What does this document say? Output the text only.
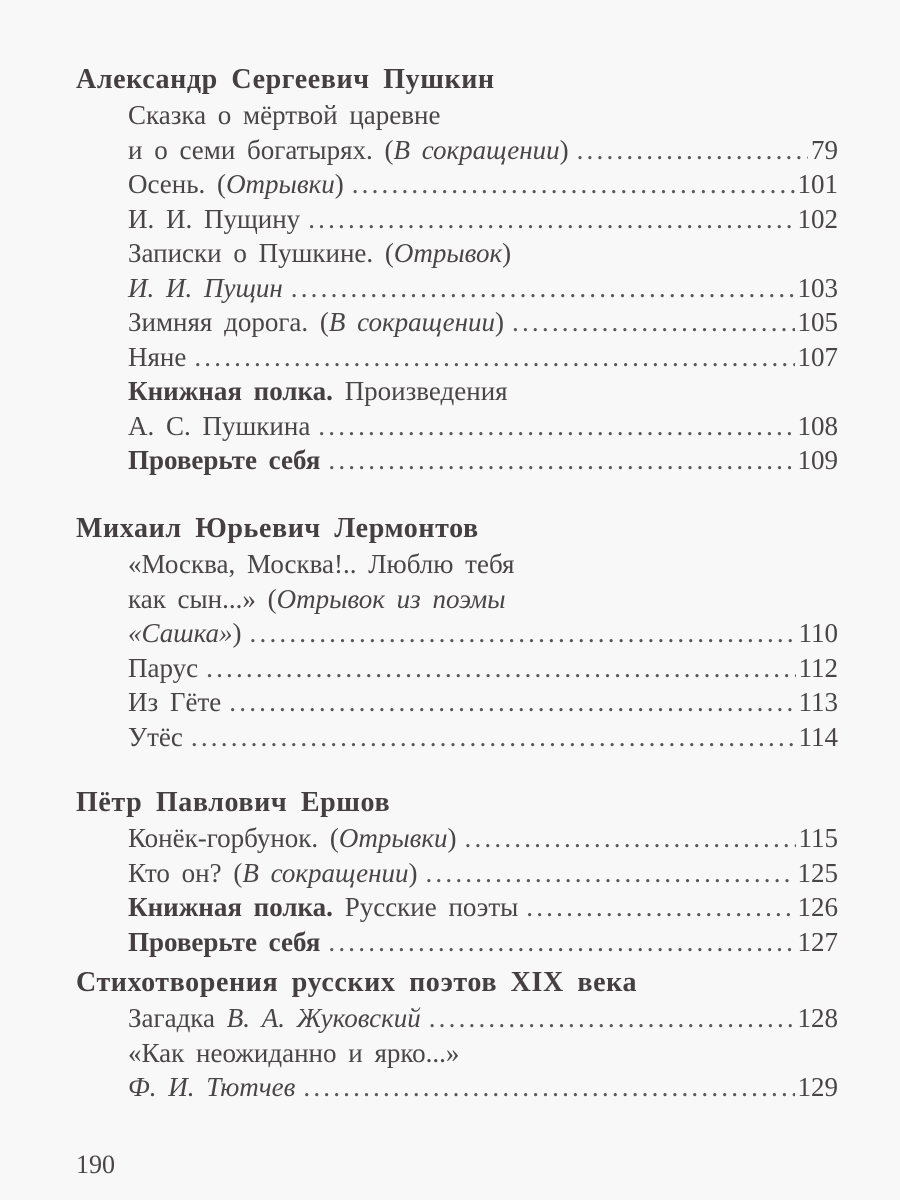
Александр Сергеевич Пушкин
Сказка о мёртвой царевне
и о семи богатырях. (В сокращении) .....	79
Осень. (Отрывки) .....	101
И. И. Пущину .....	102
Записки о Пушкине. (Отрывок)
И. И. Пущин .....	103
Зимняя дорога. (В сокращении) .....	105
Няне .....	107
Книжная полка. Произведения
А. С. Пушкина .....	108
Проверьте себя .....	109
Михаил Юрьевич Лермонтов
«Москва, Москва!.. Люблю тебя
как сын...» (Отрывок из поэмы
«Сашка») .....	110
Парус .....	112
Из Гёте .....	113
Утёс .....	114
Пётр Павлович Ершов
Конёк-горбунок. (Отрывки) .....	115
Кто он? (В сокращении) .....	125
Книжная полка. Русские поэты .....	126
Проверьте себя .....	127
Стихотворения русских поэтов XIX века
Загадка В. А. Жуковский .....	128
«Как неожиданно и ярко...»
Ф. И. Тютчев .....	129
190
